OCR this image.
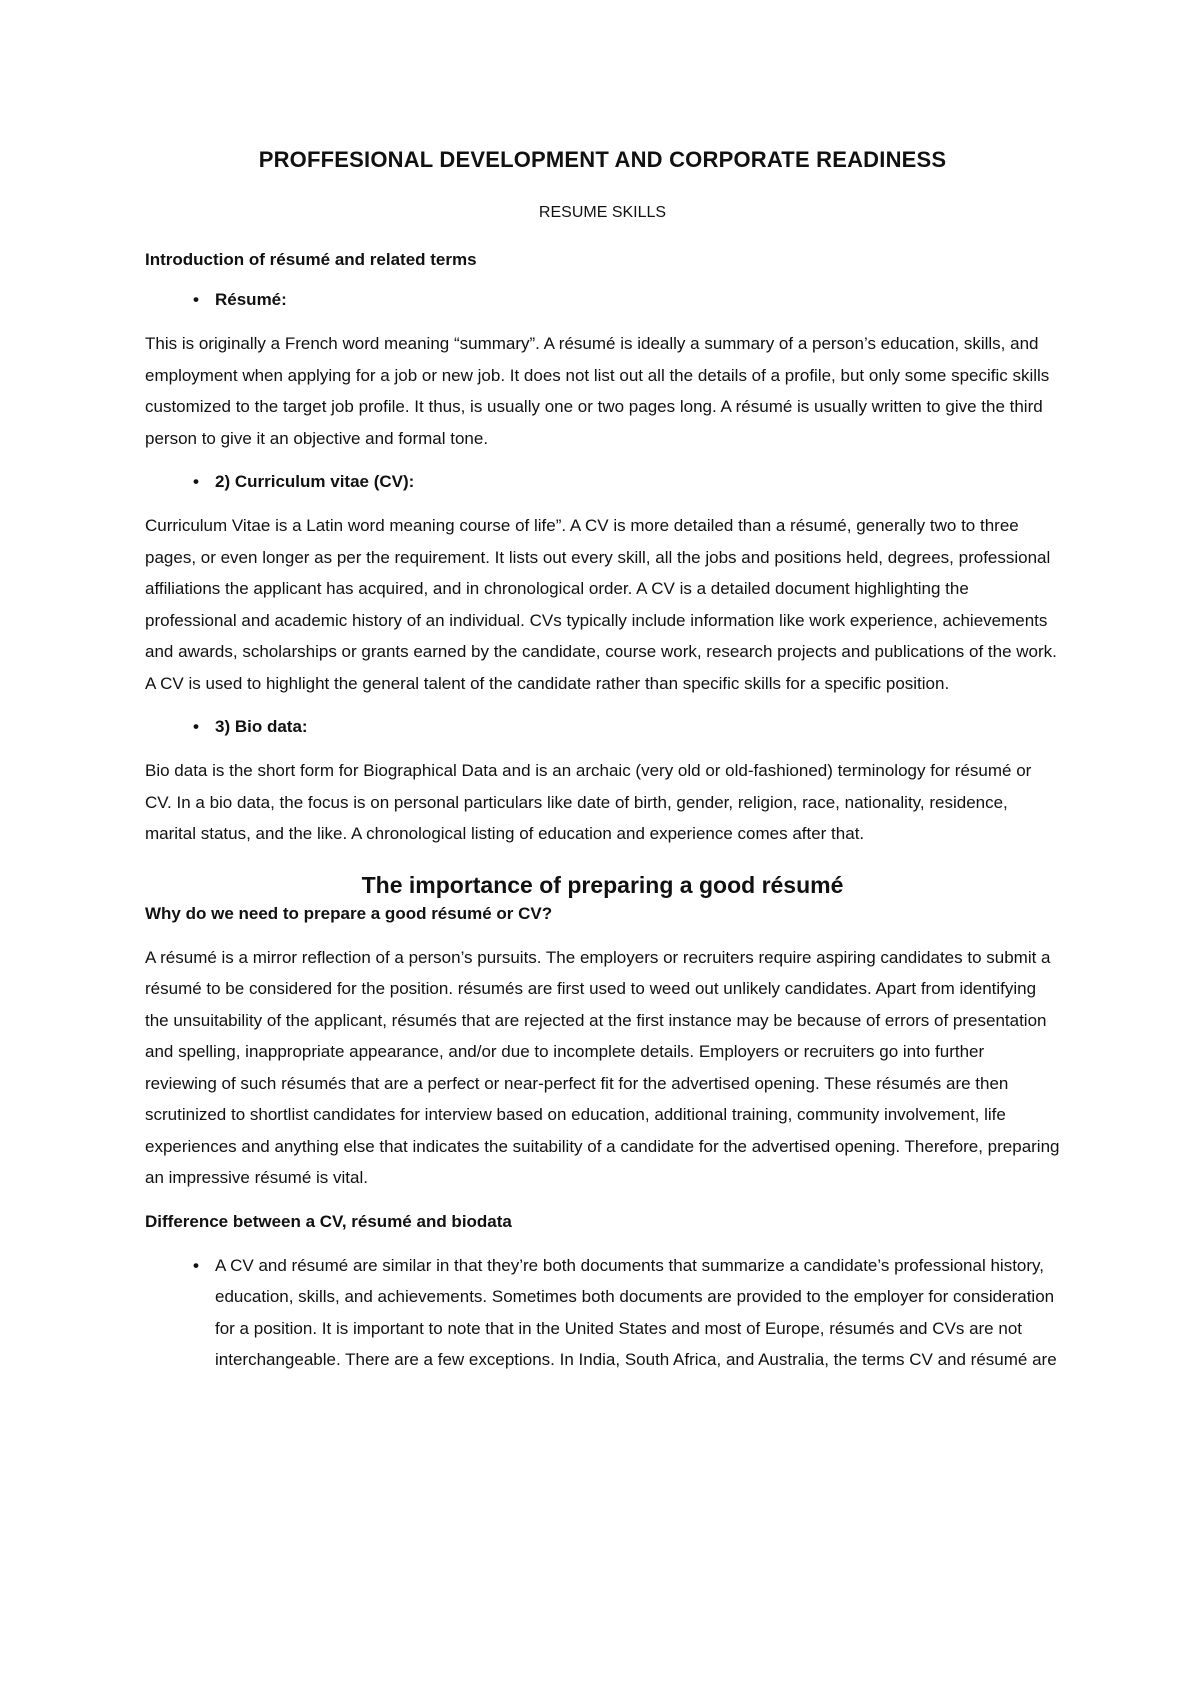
PROFFESIONAL DEVELOPMENT AND CORPORATE READINESS
RESUME SKILLS
Introduction of résumé and related terms
• Résumé:

This is originally a French word meaning “summary”. A résumé is ideally a summary of a person’s education, skills, and employment when applying for a job or new job. It does not list out all the details of a profile, but only some specific skills customized to the target job profile. It thus, is usually one or two pages long. A résumé is usually written to give the third person to give it an objective and formal tone.

• 2) Curriculum vitae (CV):

Curriculum Vitae is a Latin word meaning course of life”. A CV is more detailed than a résumé, generally two to three pages, or even longer as per the requirement. It lists out every skill, all the jobs and positions held, degrees, professional affiliations the applicant has acquired, and in chronological order. A CV is a detailed document highlighting the professional and academic history of an individual. CVs typically include information like work experience, achievements and awards, scholarships or grants earned by the candidate, course work, research projects and publications of the work. A CV is used to highlight the general talent of the candidate rather than specific skills for a specific position.

• 3) Bio data:

Bio data is the short form for Biographical Data and is an archaic (very old or old-fashioned) terminology for résumé or CV. In a bio data, the focus is on personal particulars like date of birth, gender, religion, race, nationality, residence, marital status, and the like. A chronological listing of education and experience comes after that.

The importance of preparing a good résumé
Why do we need to prepare a good résumé or CV?

A résumé is a mirror reflection of a person’s pursuits. The employers or recruiters require aspiring candidates to submit a résumé to be considered for the position. résumés are first used to weed out unlikely candidates. Apart from identifying the unsuitability of the applicant, résumés that are rejected at the first instance may be because of errors of presentation and spelling, inappropriate appearance, and/or due to incomplete details. Employers or recruiters go into further reviewing of such résumés that are a perfect or near-perfect fit for the advertised opening. These résumés are then scrutinized to shortlist candidates for interview based on education, additional training, community involvement, life experiences and anything else that indicates the suitability of a candidate for the advertised opening. Therefore, preparing an impressive résumé is vital.

Difference between a CV, résumé and biodata
• A CV and résumé are similar in that they’re both documents that summarize a candidate’s professional history, education, skills, and achievements. Sometimes both documents are provided to the employer for consideration for a position. It is important to note that in the United States and most of Europe, résumés and CVs are not interchangeable. There are a few exceptions. In India, South Africa, and Australia, the terms CV and résumé are
